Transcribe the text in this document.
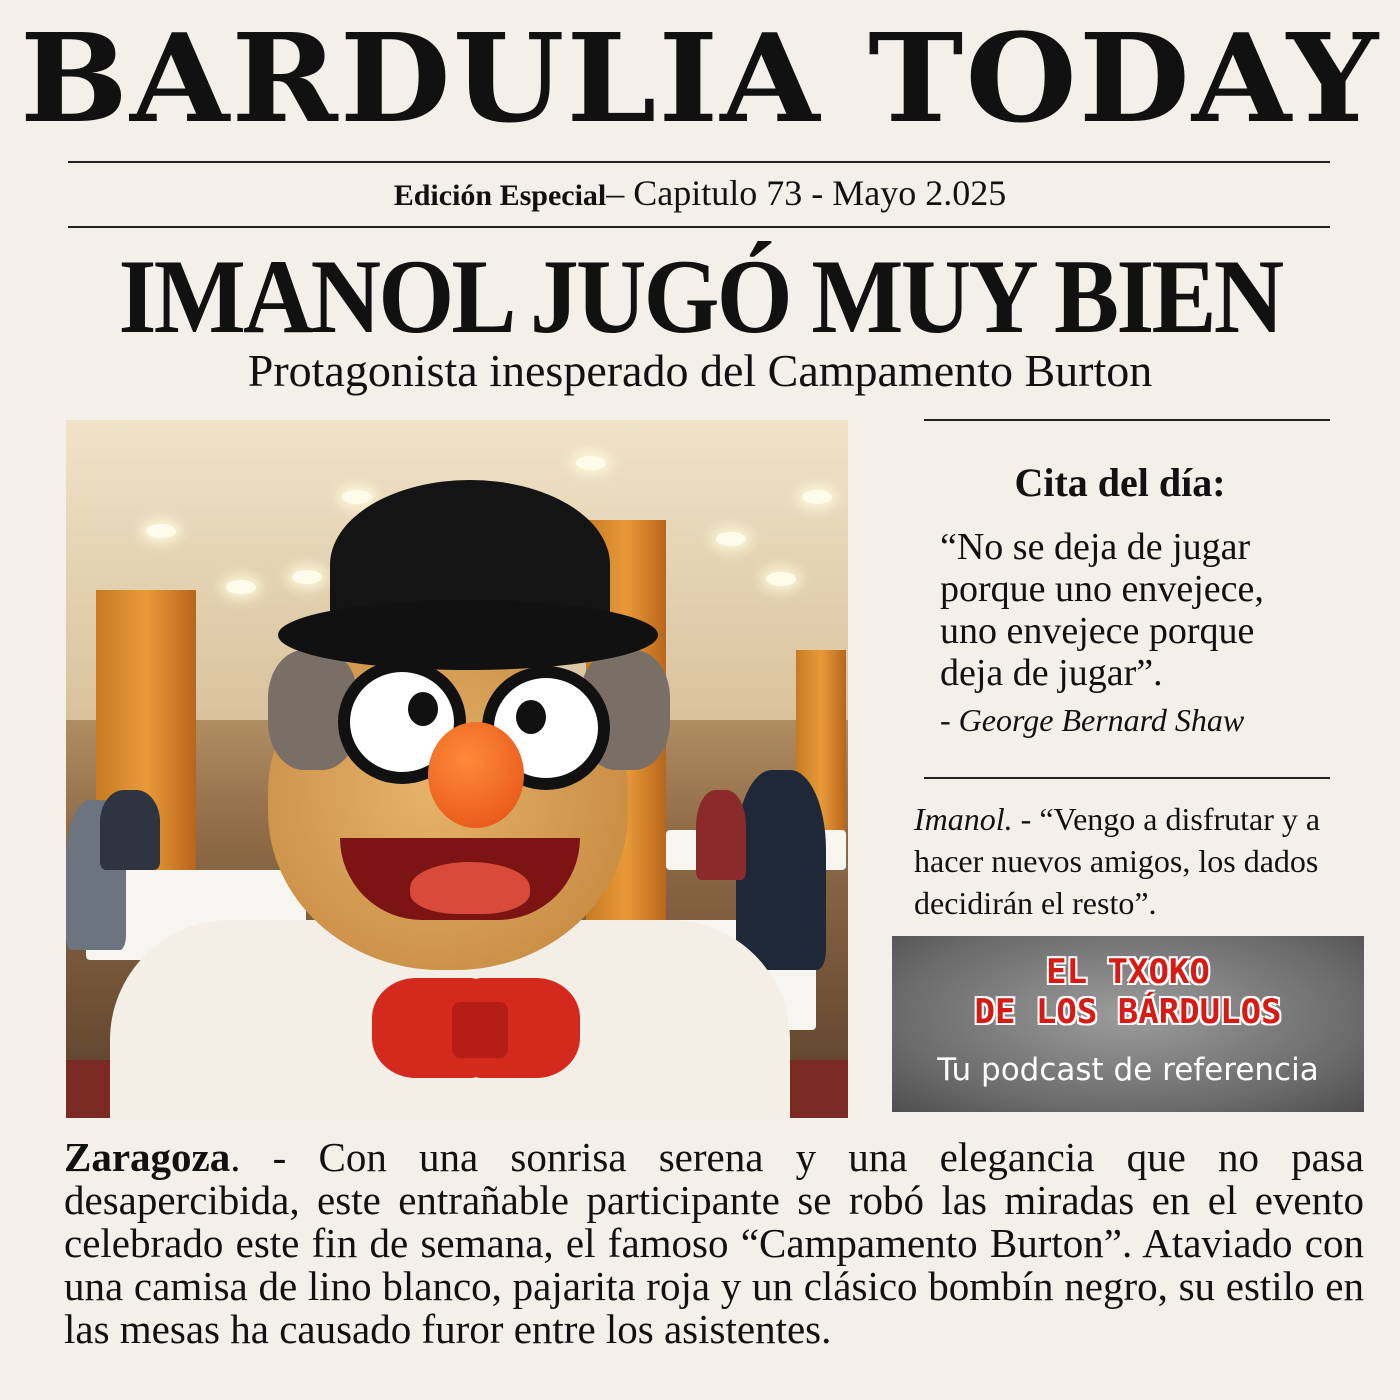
BARDULIA TODAY
Edición Especial– Capitulo 73 - Mayo 2.025
IMANOL JUGÓ MUY BIEN
Protagonista inesperado del Campamento Burton
Cita del día:
“No se deja de jugar
porque uno envejece,
uno envejece porque
deja de jugar”.
- George Bernard Shaw
Imanol. - “Vengo a disfrutar y a hacer nuevos amigos, los dados decidirán el resto”.
EL TXOKO
DE LOS BÁRDULOS
Tu podcast de referencia
Zaragoza. - Con una sonrisa serena y una elegancia que no pasa desapercibida, este entrañable participante se robó las miradas en el evento celebrado este fin de semana, el famoso “Campamento Burton”. Ataviado con una camisa de lino blanco, pajarita roja y un clásico bombín negro, su estilo en las mesas ha causado furor entre los asistentes.
